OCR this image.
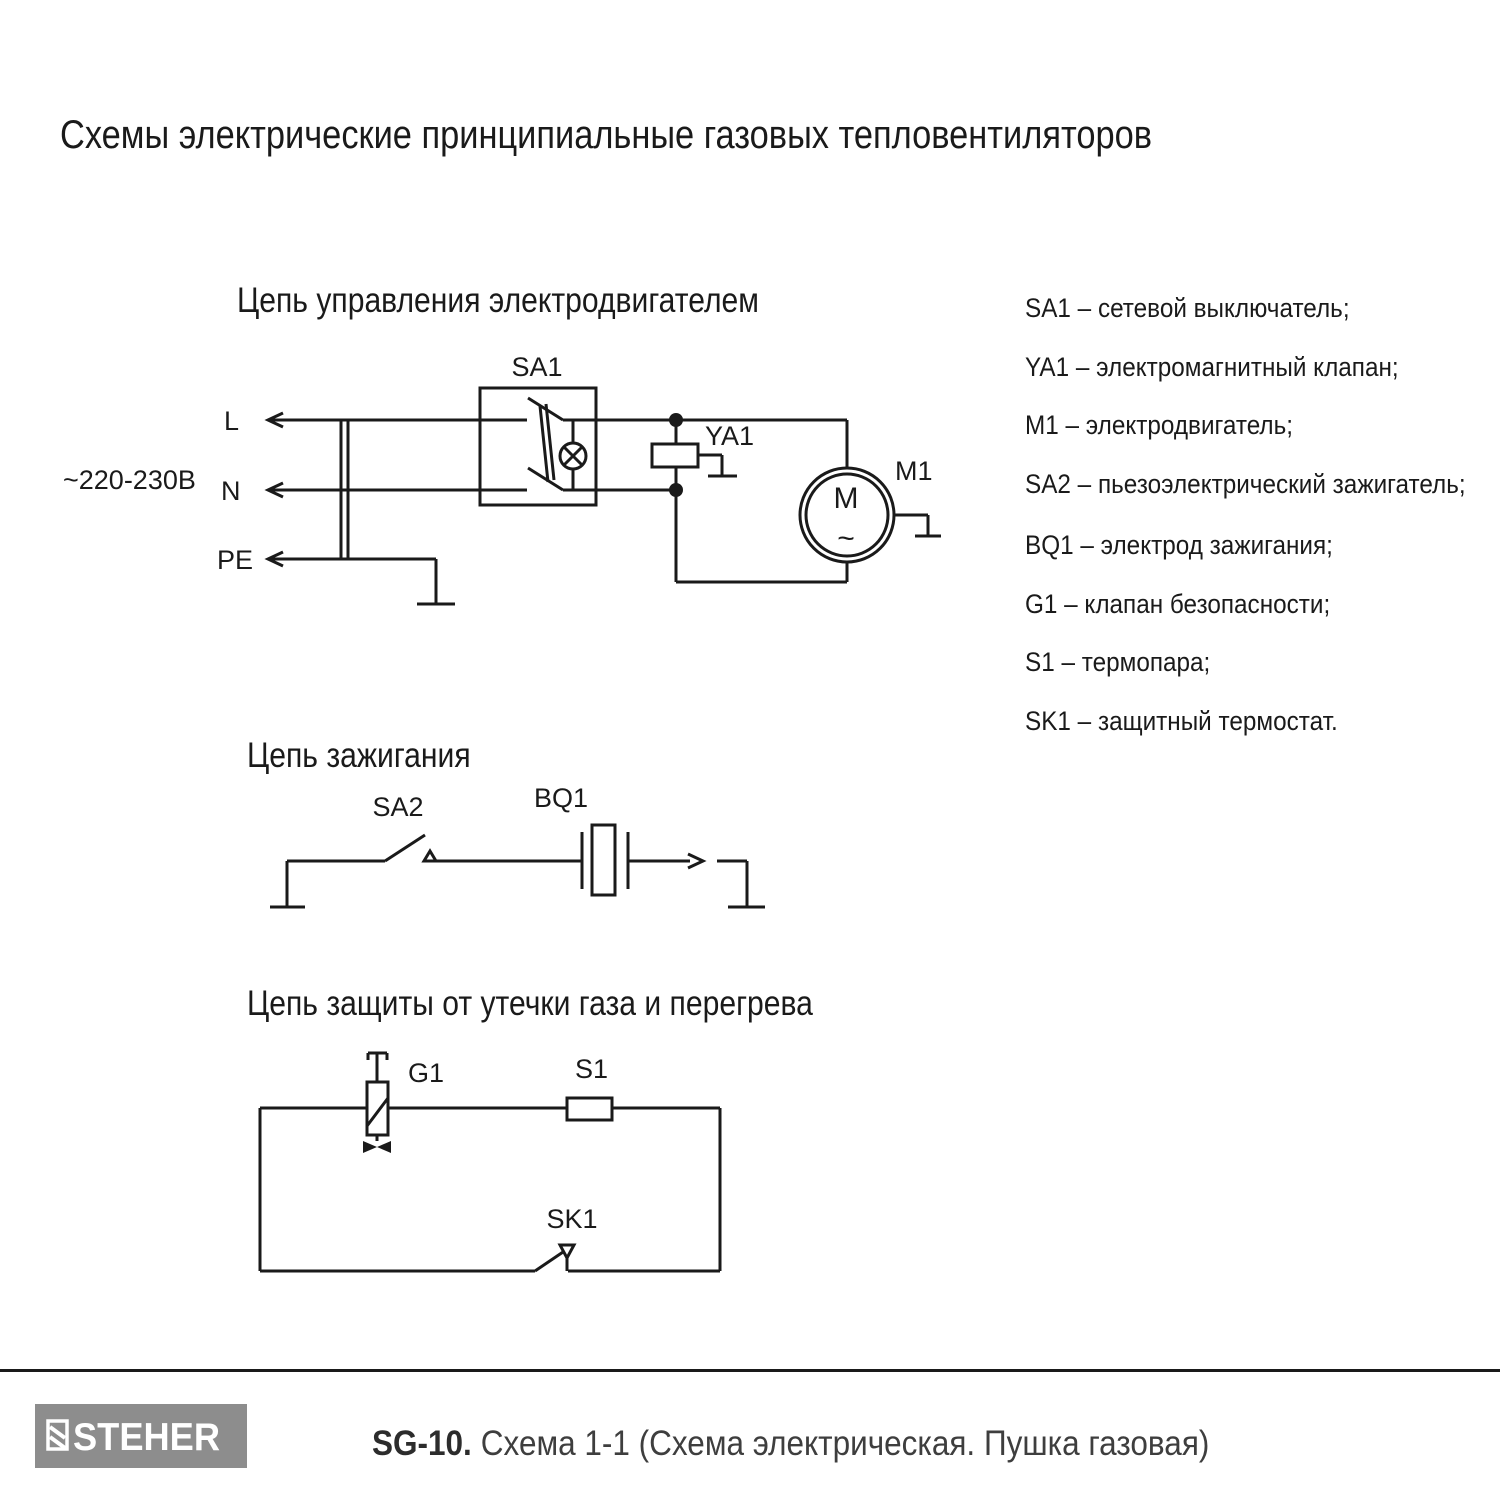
Схемы электрические принципиальные газовых тепловентиляторов
Цепь управления электродвигателем
Цепь зажигания
Цепь защиты от утечки газа и перегрева
~220-230В
L
N
PE
SA1
YA1
M
~
M1
SA2	BQ1
G1	S1
SK1
SA1 – сетевой выключатель;
YA1 – электромагнитный клапан;
M1 – электродвигатель;
SA2 – пьезоэлектрический зажигатель;
BQ1 – электрод зажигания;
G1 – клапан безопасности;
S1 – термопара;
SK1 – защитный термостат.
STEHER	SG-10. Схема 1-1 (Схема электрическая. Пушка газовая)
